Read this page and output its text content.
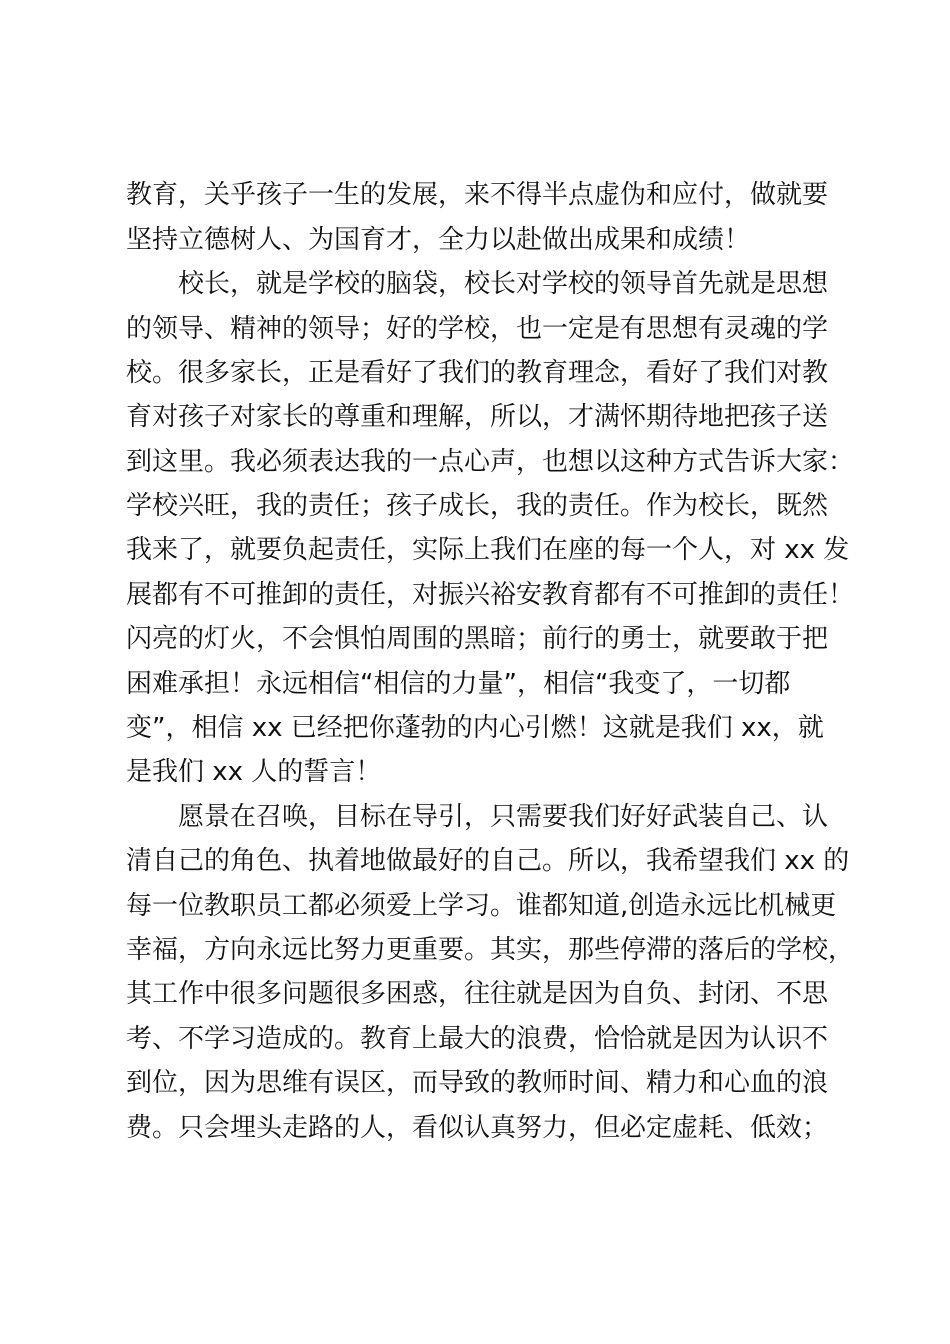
教育，关乎孩子一生的发展，来不得半点虚伪和应付，做就要
坚持立德树人、为国育才，全力以赴做出成果和成绩！
校长，就是学校的脑袋，校长对学校的领导首先就是思想
的领导、精神的领导；好的学校，也一定是有思想有灵魂的学
校。很多家长，正是看好了我们的教育理念，看好了我们对教
育对孩子对家长的尊重和理解，所以，才满怀期待地把孩子送
到这里。我必须表达我的一点心声，也想以这种方式告诉大家：
学校兴旺，我的责任；孩子成长，我的责任。作为校长，既然
我来了，就要负起责任，实际上我们在座的每一个人，对 xx 发
展都有不可推卸的责任，对振兴裕安教育都有不可推卸的责任！
闪亮的灯火，不会惧怕周围的黑暗；前行的勇士，就要敢于把
困难承担！永远相信“相信的力量”，相信“我变了，一切都
变”，相信 xx 已经把你蓬勃的内心引燃！这就是我们 xx，就
是我们 xx 人的誓言！
愿景在召唤，目标在导引，只需要我们好好武装自己、认
清自己的角色、执着地做最好的自己。所以，我希望我们 xx 的
每一位教职员工都必须爱上学习。谁都知道,创造永远比机械更
幸福，方向永远比努力更重要。其实，那些停滞的落后的学校，
其工作中很多问题很多困惑，往往就是因为自负、封闭、不思
考、不学习造成的。教育上最大的浪费，恰恰就是因为认识不
到位，因为思维有误区，而导致的教师时间、精力和心血的浪
费。只会埋头走路的人，看似认真努力，但必定虚耗、低效；
